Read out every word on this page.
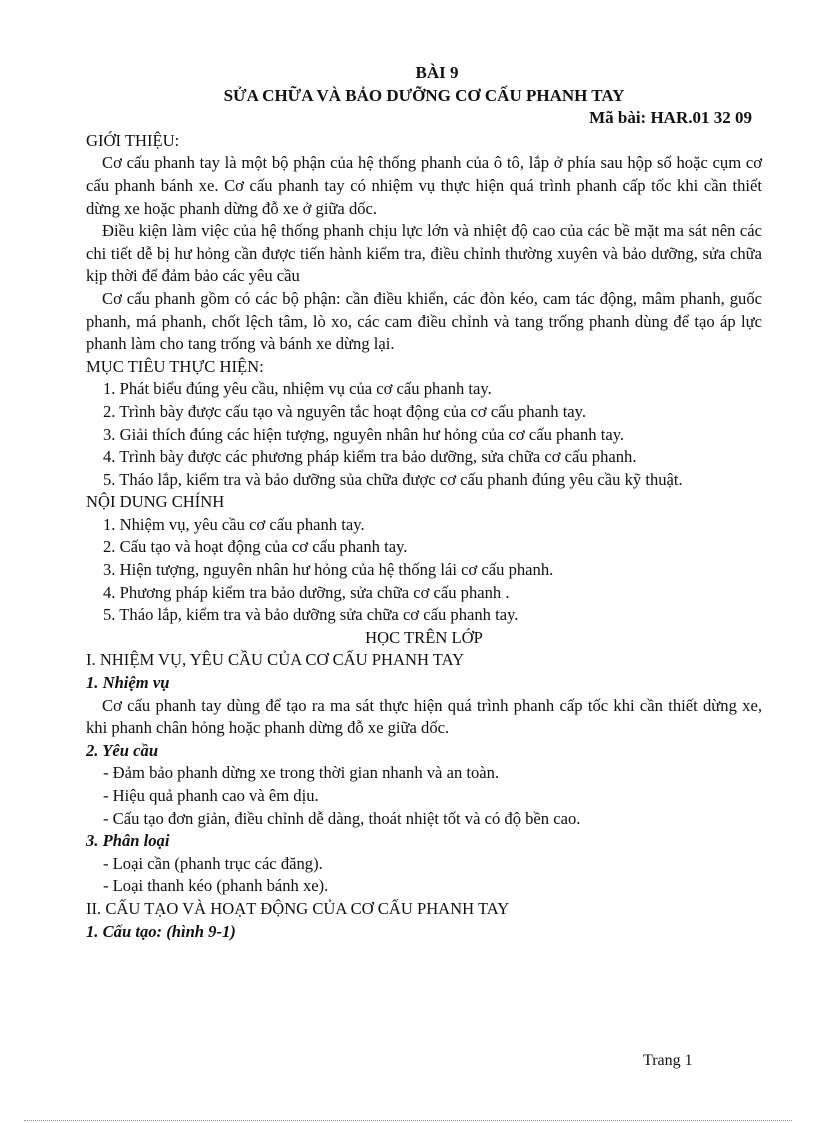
BÀI 9
SỬA CHỮA VÀ BẢO DƯỠNG CƠ CẤU PHANH TAY
Mã bài: HAR.01 32 09
GIỚI THIỆU:

Cơ cấu phanh tay là một bộ phận của hệ thống phanh của ô tô, lắp ở phía sau hộp số hoặc cụm cơ cấu phanh bánh xe. Cơ cấu phanh tay có nhiệm vụ thực hiện quá trình phanh cấp tốc khi cần thiết dừng xe hoặc phanh dừng đỗ xe ở giữa dốc.

Điều kiện làm việc của hệ thống phanh chịu lực lớn và nhiệt độ cao của các bề mặt ma sát nên các chi tiết dễ bị hư hỏng cần được tiến hành kiểm tra, điều chỉnh thường xuyên và bảo dưỡng, sửa chữa kịp thời để đảm bảo các yêu cầu

Cơ cấu phanh gồm có các bộ phận: cần điều khiển, các đòn kéo, cam tác động, mâm phanh, guốc phanh, má phanh, chốt lệch tâm, lò xo, các cam điều chỉnh và tang trống phanh dùng để tạo áp lực phanh làm cho tang trống và bánh xe dừng lại.

MỤC TIÊU THỰC HIỆN:
1. Phát biểu đúng yêu cầu, nhiệm vụ của cơ cấu phanh tay.
2. Trình bày được cấu tạo và nguyên tắc hoạt động của cơ cấu phanh tay.
3. Giải thích đúng các hiện tượng, nguyên nhân hư hỏng của cơ cấu phanh tay.
4. Trình bày được các phương pháp kiểm tra bảo dưỡng, sửa chữa cơ cấu phanh.
5. Tháo lắp, kiểm tra và bảo dưỡng sủa chữa được cơ cấu phanh đúng yêu cầu kỹ thuật.
NỘI DUNG CHÍNH
1. Nhiệm vụ, yêu cầu cơ cấu phanh tay.
2. Cấu tạo và hoạt động của cơ cấu phanh tay.
3. Hiện tượng, nguyên nhân hư hỏng của hệ thống lái cơ cấu phanh.
4. Phương pháp kiểm tra bảo dưỡng, sửa chữa cơ cấu phanh .
5. Tháo lắp, kiểm tra và bảo dưỡng sửa chữa cơ cấu phanh tay.
HỌC TRÊN LỚP
I. NHIỆM VỤ, YÊU CẦU CỦA CƠ CẤU PHANH TAY
1. Nhiệm vụ

Cơ cấu phanh tay dùng để tạo ra ma sát thực hiện quá trình phanh cấp tốc khi cần thiết dừng xe, khi phanh chân hỏng hoặc phanh dừng đỗ xe giữa dốc.

2. Yêu cầu
- Đảm bảo phanh dừng xe trong thời gian nhanh và an toàn.
- Hiệu quả phanh cao và êm dịu.
- Cấu tạo đơn giản, điều chỉnh dễ dàng, thoát nhiệt tốt và có độ bền cao.
3. Phân loại
- Loại cần (phanh trục các đăng).
- Loại thanh kéo (phanh bánh xe).
II. CẤU TẠO VÀ HOẠT ĐỘNG CỦA CƠ CẤU PHANH TAY
1. Cấu tạo: (hình 9-1)
Trang 1
